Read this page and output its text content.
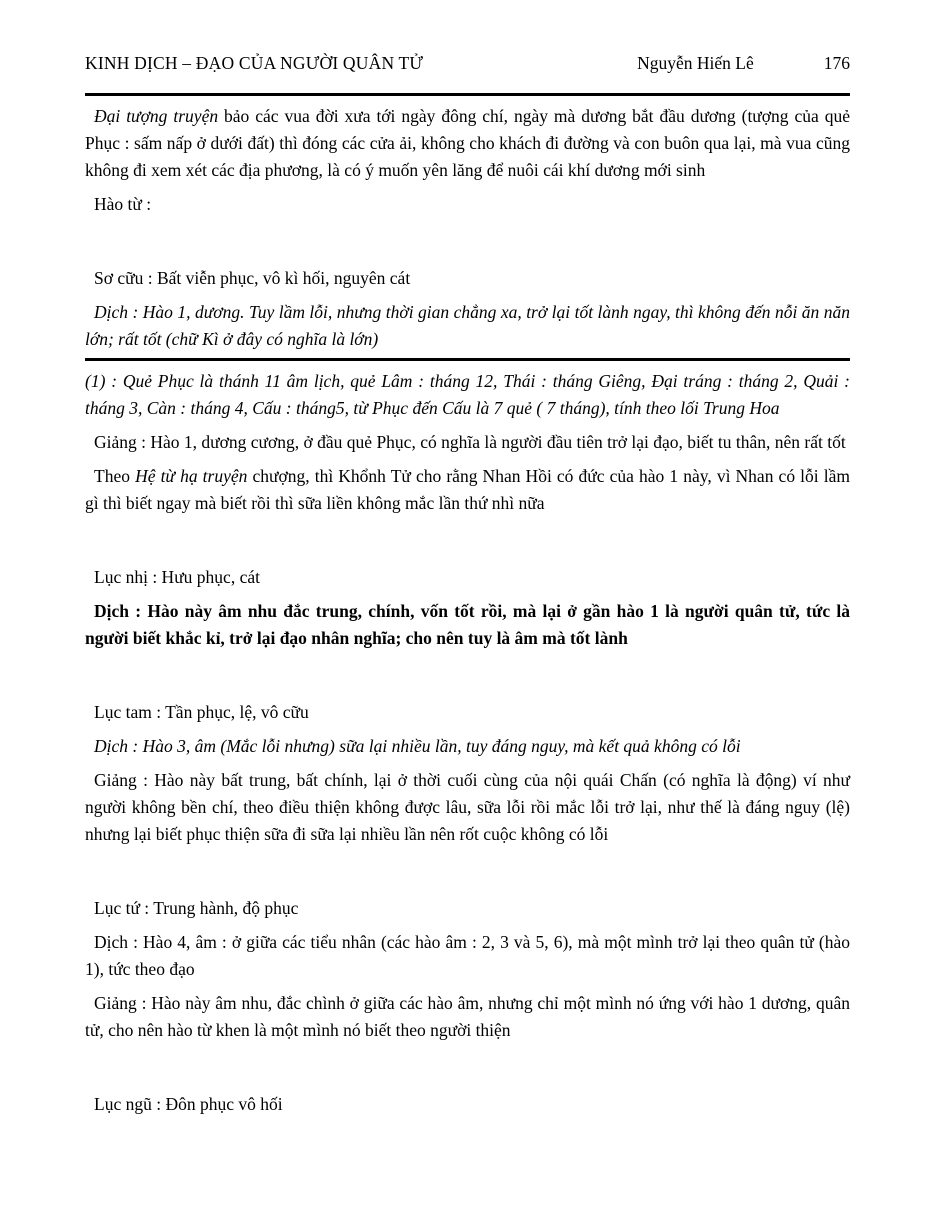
KINH DỊCH – ĐẠO CỦA NGƯỜI QUÂN TỬ	Nguyễn Hiến Lê	176

Đại tượng truyện bảo các vua đời xưa tới ngày đông chí, ngày mà dương bắt đầu dương (tượng của quẻ Phục : sấm nấp ở dưới đất) thì đóng các cửa ải, không cho khách đi đường và con buôn qua lại, mà vua cũng không đi xem xét các địa phương, là có ý muốn yên lăng để nuôi cái khí dương mới sinh

Hào từ :

Sơ cữu : Bất viễn phục, vô kì hối, nguyên cát

Dịch : Hào 1, dương. Tuy lầm lỗi, nhưng thời gian chẳng xa, trở lại tốt lành ngay, thì không đến nỗi ăn năn lớn; rất tốt (chữ Kì ở đây có nghĩa là lớn)

(1) : Quẻ Phục là thánh 11 âm lịch, quẻ Lâm : tháng 12, Thái : tháng Giêng, Đại tráng : tháng 2, Quải : tháng 3, Càn : tháng 4, Cấu : tháng5, từ Phục đến Cấu là 7 quẻ ( 7 tháng), tính theo lối Trung Hoa

Giảng : Hào 1, dương cương, ở đầu quẻ Phục, có nghĩa là người đầu tiên trở lại đạo, biết tu thân, nên rất tốt

Theo Hệ từ hạ truyện chượng, thì Khổnh Tử cho rằng Nhan Hồi có đức của hào 1 này, vì Nhan có lỗi lầm gì thì biết ngay mà biết rồi thì sữa liền không mắc lần thứ nhì nữa

Lục nhị : Hưu phục, cát

Dịch : Hào này âm nhu đắc trung, chính, vốn tốt rồi, mà lại ở gần hào 1 là người quân tử, tức là người biết khắc kỉ, trở lại đạo nhân nghĩa; cho nên tuy là âm mà tốt lành

Lục tam : Tần phục, lệ, vô cữu

Dịch : Hào 3, âm (Mắc lỗi nhưng) sữa lại nhiều lần, tuy đáng nguy, mà kết quả không có lỗi

Giảng : Hào này bất trung, bất chính, lại ở thời cuối cùng của nội quái Chấn (có nghĩa là động) ví như người không bền chí, theo điều thiện không được lâu, sữa lỗi rồi mắc lỗi trở lại, như thế là đáng nguy (lệ) nhưng lại biết phục thiện sữa đi sữa lại nhiều lần nên rốt cuộc không có lỗi

Lục tứ : Trung hành, độ phục

Dịch : Hào 4, âm : ở giữa các tiểu nhân (các hào âm : 2, 3 và 5, 6), mà một mình trở lại theo quân tử (hào 1), tức theo đạo

Giảng : Hào này âm nhu, đắc chình ở giữa các hào âm, nhưng chỉ một mình nó ứng với hào 1 dương, quân tử, cho nên hào từ khen là một mình nó biết theo người thiện

Lục ngũ : Đôn phục vô hối
